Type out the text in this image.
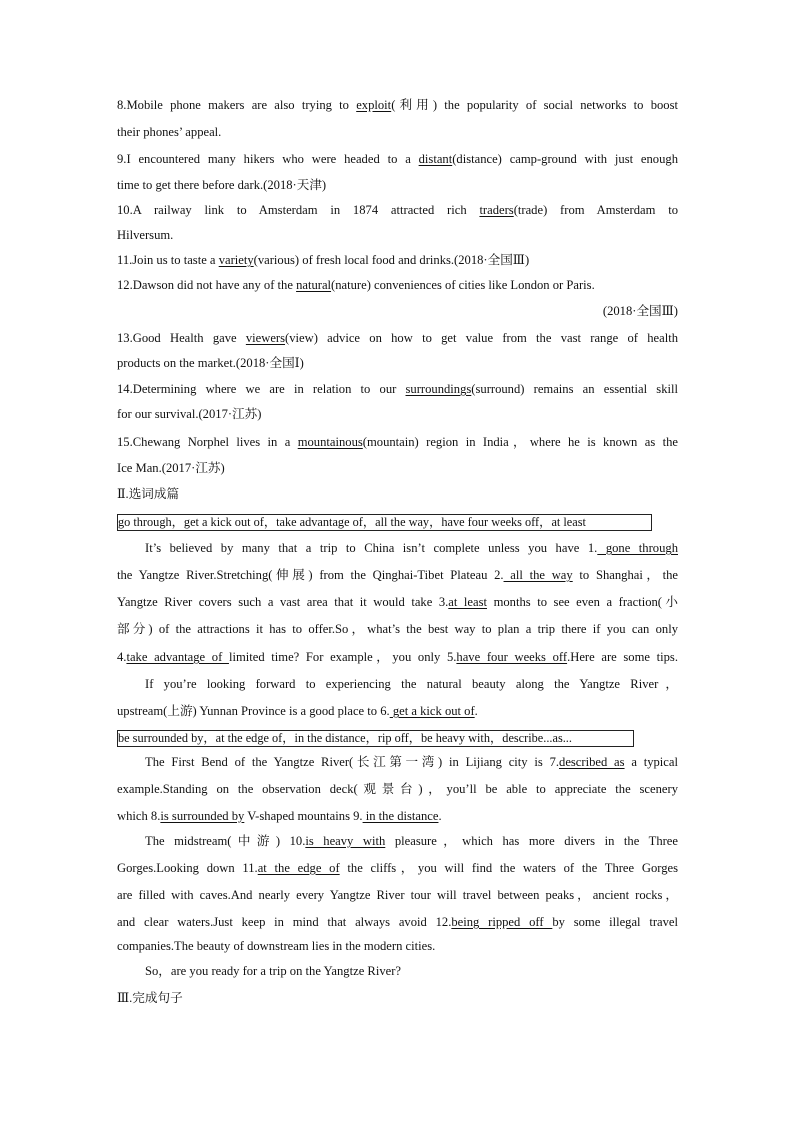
8.Mobile phone makers are also trying to exploit(利用) the popularity of social networks to boost
their phones’ appeal.
9.I encountered many hikers who were headed to a distant(distance) camp-ground with just enough
time to get there before dark.(2018·天津)
10.A railway link to Amsterdam in 1874 attracted rich traders(trade) from Amsterdam to
Hilversum.
11.Join us to taste a variety(various) of fresh local food and drinks.(2018·全国Ⅲ)
12.Dawson did not have any of the natural(nature) conveniences of cities like London or Paris.
(2018·全国Ⅲ)
13.Good Health gave viewers(view) advice on how to get value from the vast range of health
products on the market.(2018·全国Ⅰ)
14.Determining where we are in relation to our surroundings(surround) remains an essential skill
for our survival.(2017·江苏)
15.Chewang Norphel lives in a mountainous(mountain) region in India，where he is known as the
Ice Man.(2017·江苏)
Ⅱ.选词成篇
go through，get a kick out of，take advantage of，all the way，have four weeks off，at least
It’s believed by many that a trip to China isn’t complete unless you have 1. gone through
the Yangtze River.Stretching(伸展) from the Qinghai-Tibet Plateau 2. all the way to Shanghai，the
Yangtze River covers such a vast area that it would take 3.at least months to see even a fraction(小
部分) of the attractions it has to offer.So，what’s the best way to plan a trip there if you can only
4.take advantage of limited time? For example，you only 5.have four weeks off.Here are some tips.
If you’re looking forward to experiencing the natural beauty along the Yangtze River，
upstream(上游) Yunnan Province is a good place to 6. get a kick out of.
be surrounded by，at the edge of，in the distance，rip off，be heavy with，describe...as...
The First Bend of the Yangtze River(长江第一湾) in Lijiang city is 7.described as a typical
example.Standing on the observation deck(观景台)，you’ll be able to appreciate the scenery
which 8.is surrounded by V-shaped mountains 9. in the distance.
The midstream(中游) 10.is heavy with pleasure，which has more divers in the Three
Gorges.Looking down 11.at the edge of the cliffs，you will find the waters of the Three Gorges
are filled with caves.And nearly every Yangtze River tour will travel between peaks，ancient rocks，
and clear waters.Just keep in mind that always avoid 12.being ripped off by some illegal travel
companies.The beauty of downstream lies in the modern cities.
So，are you ready for a trip on the Yangtze River?
Ⅲ.完成句子
